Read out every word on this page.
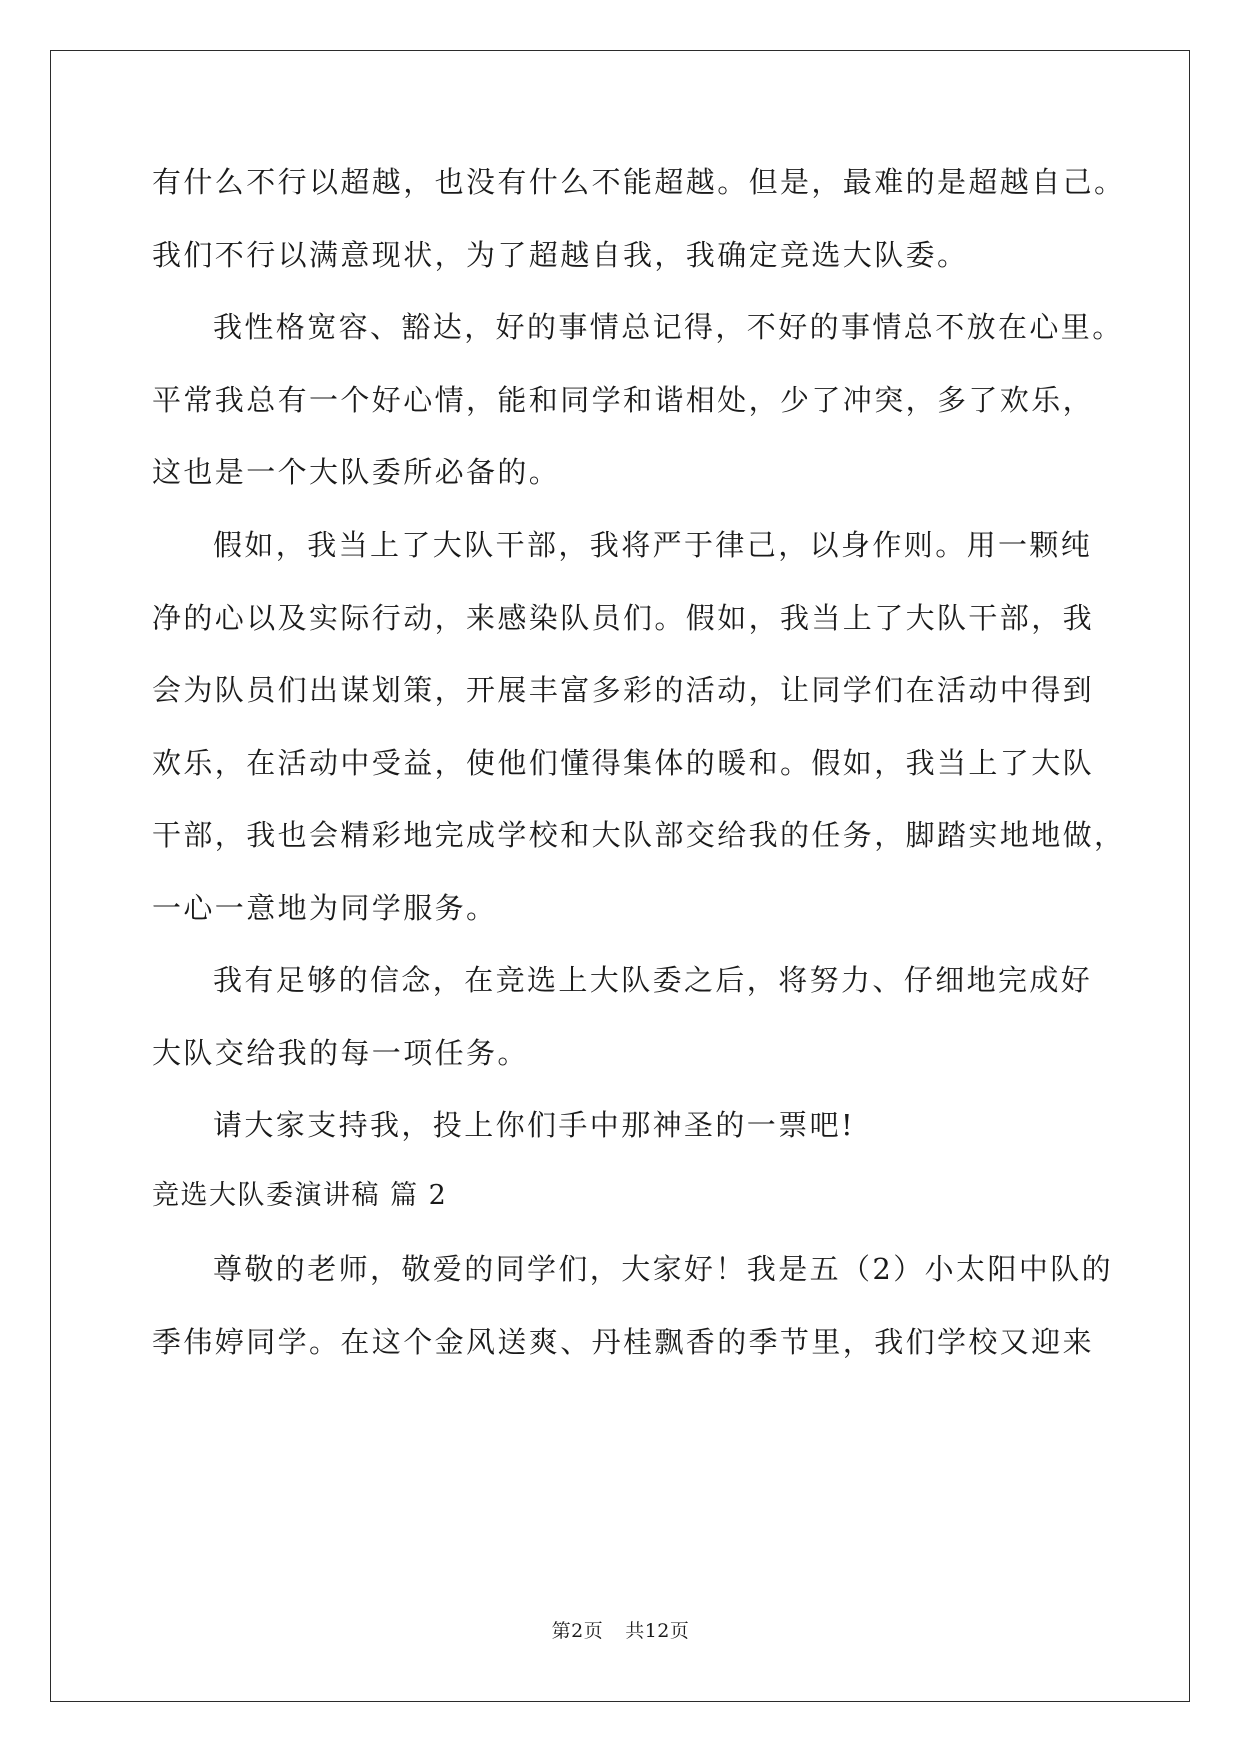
有什么不行以超越，也没有什么不能超越。但是，最难的是超越自己。
我们不行以满意现状，为了超越自我，我确定竞选大队委。
我性格宽容、豁达，好的事情总记得，不好的事情总不放在心里。
平常我总有一个好心情，能和同学和谐相处，少了冲突，多了欢乐，
这也是一个大队委所必备的。
假如，我当上了大队干部，我将严于律己，以身作则。用一颗纯
净的心以及实际行动，来感染队员们。假如，我当上了大队干部，我
会为队员们出谋划策，开展丰富多彩的活动，让同学们在活动中得到
欢乐，在活动中受益，使他们懂得集体的暖和。假如，我当上了大队
干部，我也会精彩地完成学校和大队部交给我的任务，脚踏实地地做，
一心一意地为同学服务。
我有足够的信念，在竞选上大队委之后，将努力、仔细地完成好
大队交给我的每一项任务。
请大家支持我，投上你们手中那神圣的一票吧!
竞选大队委演讲稿 篇 2
尊敬的老师，敬爱的同学们，大家好！我是五（2）小太阳中队的
季伟婷同学。在这个金风送爽、丹桂飘香的季节里，我们学校又迎来
第2页 共12页
